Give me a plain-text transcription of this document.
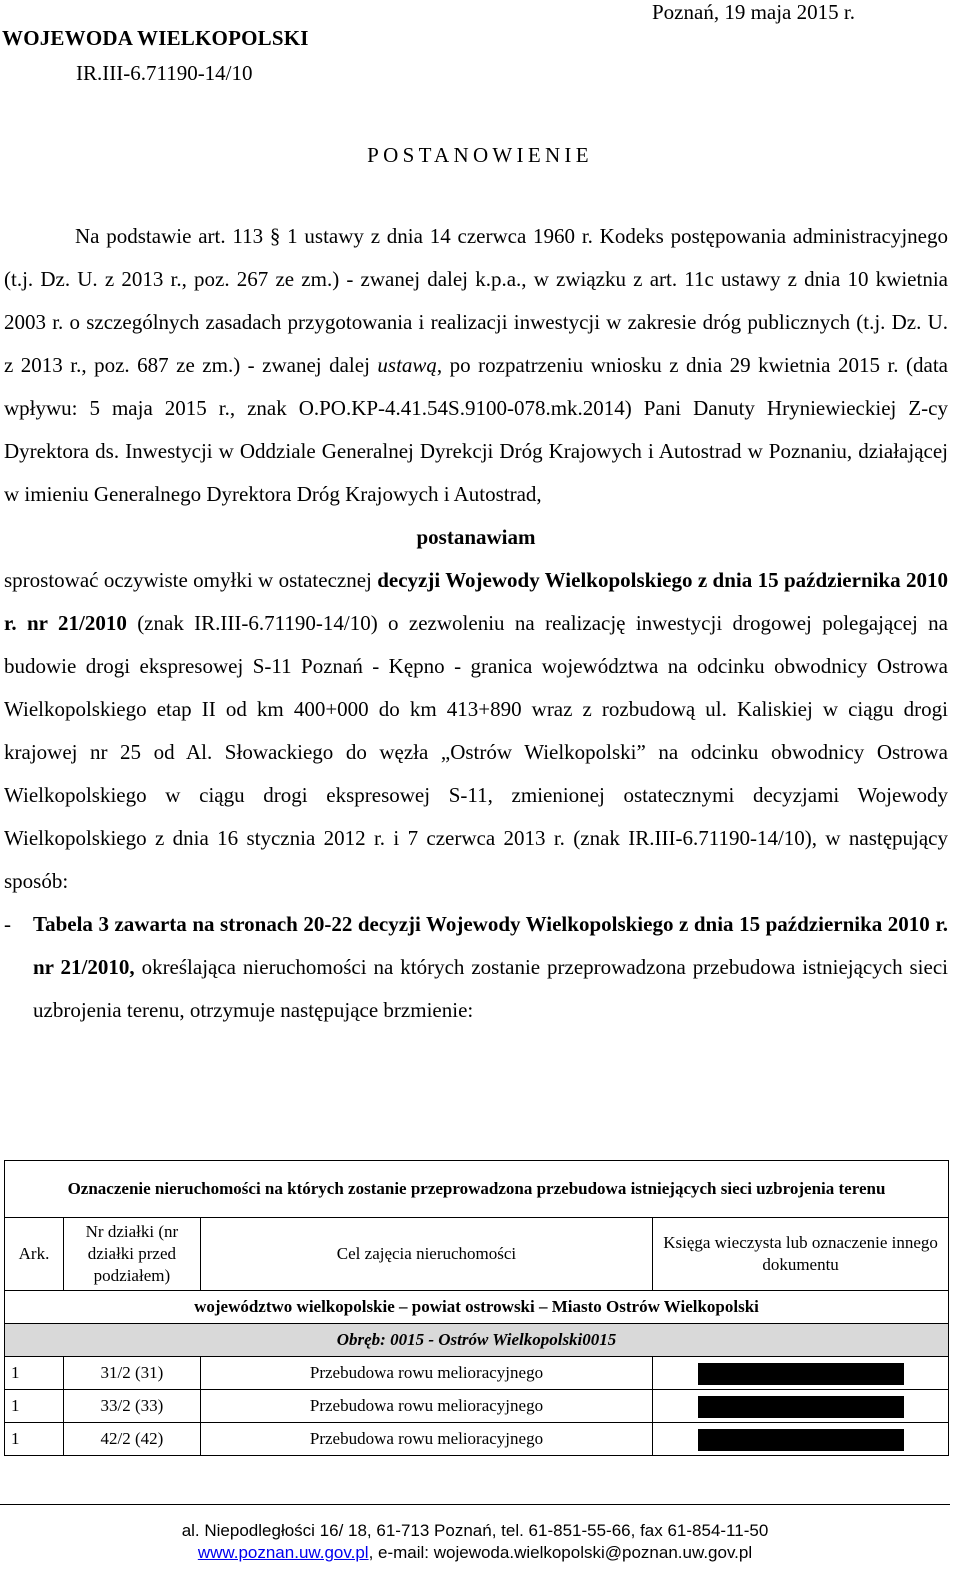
WOJEWODA WIELKOPOLSKI
IR.III-6.71190-14/10
Poznań, 19 maja 2015 r.
POSTANOWIENIE

Na podstawie art. 113 § 1 ustawy z dnia 14 czerwca 1960 r. Kodeks postępowania administracyjnego (t.j. Dz. U. z 2013 r., poz. 267 ze zm.) - zwanej dalej k.p.a., w związku z art. 11c ustawy z dnia 10 kwietnia 2003 r. o szczególnych zasadach przygotowania i realizacji inwestycji w zakresie dróg publicznych (t.j. Dz. U. z 2013 r., poz. 687 ze zm.) - zwanej dalej ustawą, po rozpatrzeniu wniosku z dnia 29 kwietnia 2015 r. (data wpływu: 5 maja 2015 r., znak O.PO.KP-4.41.54S.9100-078.mk.2014) Pani Danuty Hryniewieckiej Z-cy Dyrektora ds. Inwestycji w Oddziale Generalnej Dyrekcji Dróg Krajowych i Autostrad w Poznaniu, działającej w imieniu Generalnego Dyrektora Dróg Krajowych i Autostrad,

postanawiam

sprostować oczywiste omyłki w ostatecznej decyzji Wojewody Wielkopolskiego z dnia 15 października 2010 r. nr 21/2010 (znak IR.III-6.71190-14/10) o zezwoleniu na realizację inwestycji drogowej polegającej na budowie drogi ekspresowej S-11 Poznań - Kępno - granica województwa na odcinku obwodnicy Ostrowa Wielkopolskiego etap II od km 400+000 do km 413+890 wraz z rozbudową ul. Kaliskiej w ciągu drogi krajowej nr 25 od Al. Słowackiego do węzła „Ostrów Wielkopolski” na odcinku obwodnicy Ostrowa Wielkopolskiego w ciągu drogi ekspresowej S-11, zmienionej ostatecznymi decyzjami Wojewody Wielkopolskiego z dnia 16 stycznia 2012 r. i 7 czerwca 2013 r. (znak IR.III-6.71190-14/10), w następujący sposób:

- Tabela 3 zawarta na stronach 20-22 decyzji Wojewody Wielkopolskiego z dnia 15 października 2010 r. nr 21/2010, określająca nieruchomości na których zostanie przeprowadzona przebudowa istniejących sieci uzbrojenia terenu, otrzymuje następujące brzmienie:

Oznaczenie nieruchomości na których zostanie przeprowadzona przebudowa istniejących sieci uzbrojenia terenu			
Ark.	Nr działki (nr działki przed podziałem)	Cel zajęcia nieruchomości	Księga wieczysta lub oznaczenie innego dokumentu
województwo wielkopolskie – powiat ostrowski – Miasto Ostrów Wielkopolski			
Obręb: 0015 - Ostrów Wielkopolski0015			
1	31/2 (31)	Przebudowa rowu melioracyjnego	
1	33/2 (33)	Przebudowa rowu melioracyjnego	
1	42/2 (42)	Przebudowa rowu melioracyjnego	
al. Niepodległości 16/ 18, 61-713 Poznań, tel. 61-851-55-66, fax 61-854-11-50
www.poznan.uw.gov.pl, e-mail: wojewoda.wielkopolski@poznan.uw.gov.pl
